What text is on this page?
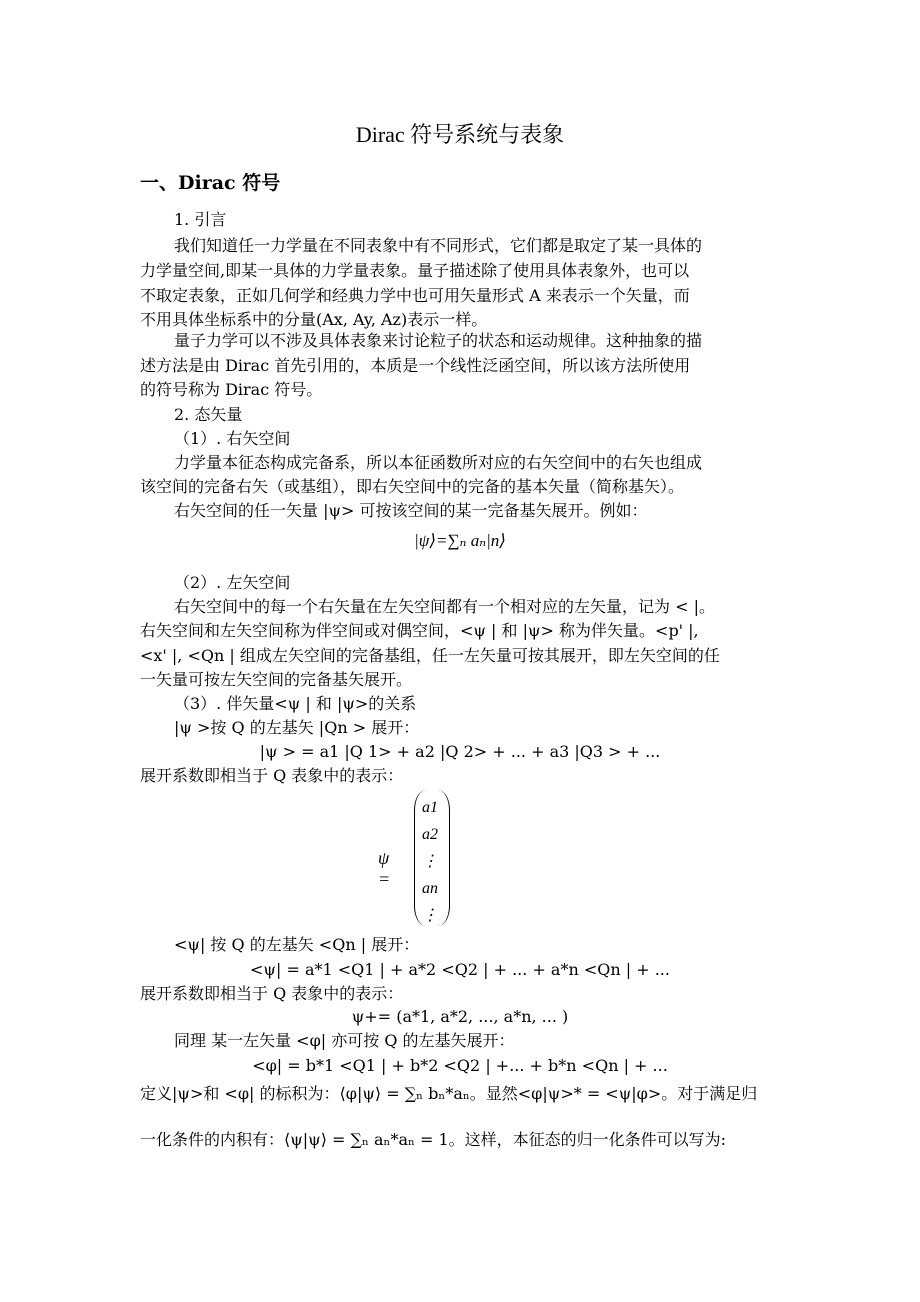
Dirac 符号系统与表象
一、Dirac 符号
1. 引言
我们知道任一力学量在不同表象中有不同形式，它们都是取定了某一具体的
力学量空间,即某一具体的力学量表象。量子描述除了使用具体表象外，也可以
不取定表象，正如几何学和经典力学中也可用矢量形式 A 来表示一个矢量，而
不用具体坐标系中的分量(Ax, Ay, Az)表示一样。
量子力学可以不涉及具体表象来讨论粒子的状态和运动规律。这种抽象的描
述方法是由 Dirac 首先引用的，本质是一个线性泛函空间，所以该方法所使用
的符号称为 Dirac 符号。
2. 态矢量
（1）. 右矢空间
力学量本征态构成完备系，所以本征函数所对应的右矢空间中的右矢也组成
该空间的完备右矢（或基组），即右矢空间中的完备的基本矢量（简称基矢）。
右矢空间的任一矢量 |ψ> 可按该空间的某一完备基矢展开。例如：
|ψ⟩=∑ₙ aₙ|n⟩
（2）. 左矢空间
右矢空间中的每一个右矢量在左矢空间都有一个相对应的左矢量，记为 < |。
右矢空间和左矢空间称为伴空间或对偶空间，<ψ | 和 |ψ> 称为伴矢量。<p' |,
<x' |, <Qn | 组成左矢空间的完备基组，任一左矢量可按其展开，即左矢空间的任
一矢量可按左矢空间的完备基矢展开。
（3）. 伴矢量<ψ | 和 |ψ>的关系
|ψ >按 Q 的左基矢 |Qn > 展开：
|ψ > = a1 |Q 1> + a2 |Q 2> + ... + a3 |Q3 > + ...
展开系数即相当于 Q 表象中的表示：
ψ =
a1
a2
⋮
an
⋮
<ψ| 按 Q 的左基矢 <Qn | 展开：
<ψ| = a*1 <Q1 | + a*2 <Q2 | + ... + a*n <Qn | + ...
展开系数即相当于 Q 表象中的表示：
ψ+= (a*1, a*2, ..., a*n, ... )
同理 某一左矢量 <φ| 亦可按 Q 的左基矢展开：
<φ| = b*1 <Q1 | + b*2 <Q2 | +... + b*n <Qn | + ...
定义|ψ>和 <φ| 的标积为：⟨φ|ψ⟩ = ∑ₙ bₙ*aₙ。显然<φ|ψ>* = <ψ|φ>。对于满足归
一化条件的内积有：⟨ψ|ψ⟩ = ∑ₙ aₙ*aₙ = 1。这样，本征态的归一化条件可以写为:
